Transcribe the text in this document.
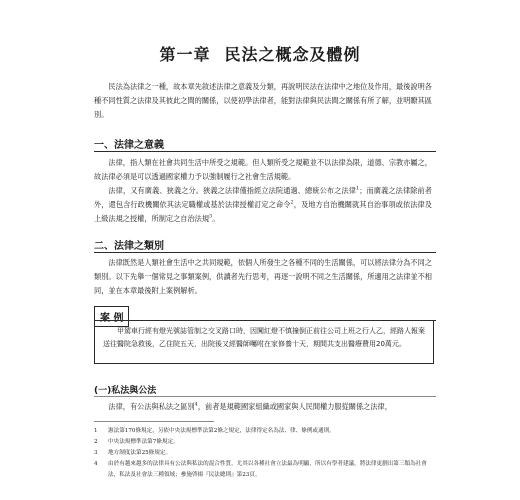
第一章 民法之概念及體例

民法為法律之一種，故本章先敘述法律之意義及分類，再說明民法在法律中之地位及作用，最後說明各種不同性質之法律及其彼此之間的關係，以使初學法律者，能對法律與民法間之關係有所了解，並明瞭其區別。

一、法律之意義

法律，指人類在社會共同生活中所受之規範。但人類所受之規範並不以法律為限，道德、宗教亦屬之，故法律必須是可以透過國家權力予以強制履行之社會生活規範。

法律，又有廣義、狹義之分。狹義之法律僅指經立法院通過、總統公布之法律$^1$；而廣義之法律除前者外，還包含行政機關依其法定職權或基於法律授權訂定之命令$^2$，及地方自治機關就其自治事項或依法律及上級法規之授權，所制定之自治法規$^3$。

二、法律之類別

法律既然是人類社會生活中之共同規範，依個人所發生之各種不同的生活關係，可以將法律分為不同之類別。以下先舉一個常見之事類案例，供讀者先行思考，再逐一說明不同之生活關係，所適用之法律並不相同，並在本章最後附上案例解析。

案 例

甲駕車行經有燈光號誌管制之交叉路口時，因闖紅燈不慎撞倒正前往公司上班之行人乙，經路人報案送往醫院急救後，乙住院五天，出院後又經醫師囑咐在家修養十天，期間共支出醫療費用20萬元。

(一)私法與公法

法律，有公法與私法之區別$^4$，前者是規範國家組織或國家與人民間權力服從關係之法律，

1	憲法第170條規定，另依中央法規標準法第2條之規定，法律得定名為法、律、條例或通則。
2	中央法規標準法第7條規定。
3	地方制度法第25條規定。
4	由於有越來越多的法律具有公法與私法的混合性質，尤其以各種社會立法最為明顯，所以有學者建議，將法律更劃出第三類為社會法，私法及社會法三種領域；參施啓揚『民法總則』第23頁。
